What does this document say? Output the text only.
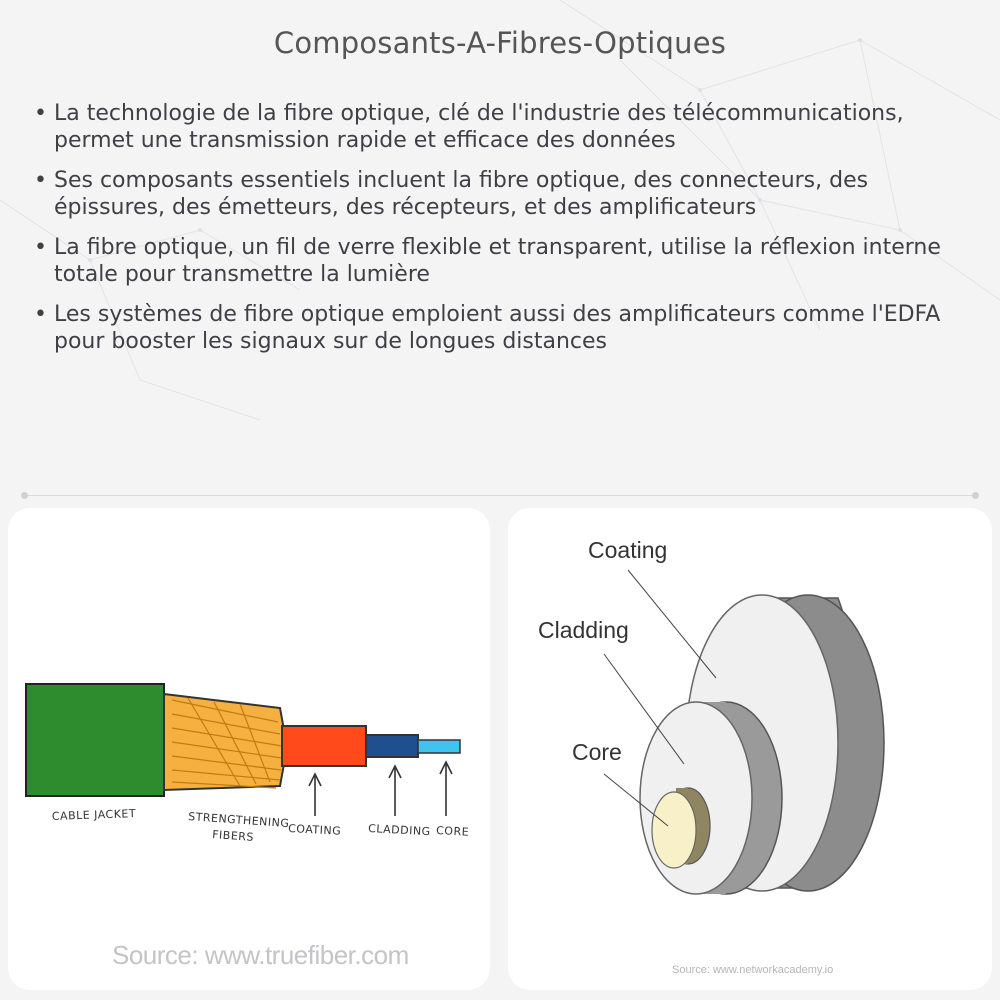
Composants-A-Fibres-Optiques
• La technologie de la fibre optique, clé de l'industrie des télécommunications, permet une transmission rapide et efficace des données
• Ses composants essentiels incluent la fibre optique, des connecteurs, des épissures, des émetteurs, des récepteurs, et des amplificateurs
• La fibre optique, un fil de verre flexible et transparent, utilise la réflexion interne totale pour transmettre la lumière
• Les systèmes de fibre optique emploient aussi des amplificateurs comme l'EDFA pour booster les signaux sur de longues distances
CABLE JACKET	STRENGTHENING
FIBERS	COATING CLADDING CORE
Source: www.truefiber.com
Coating
Cladding
Core
Source: www.networkacademy.io
